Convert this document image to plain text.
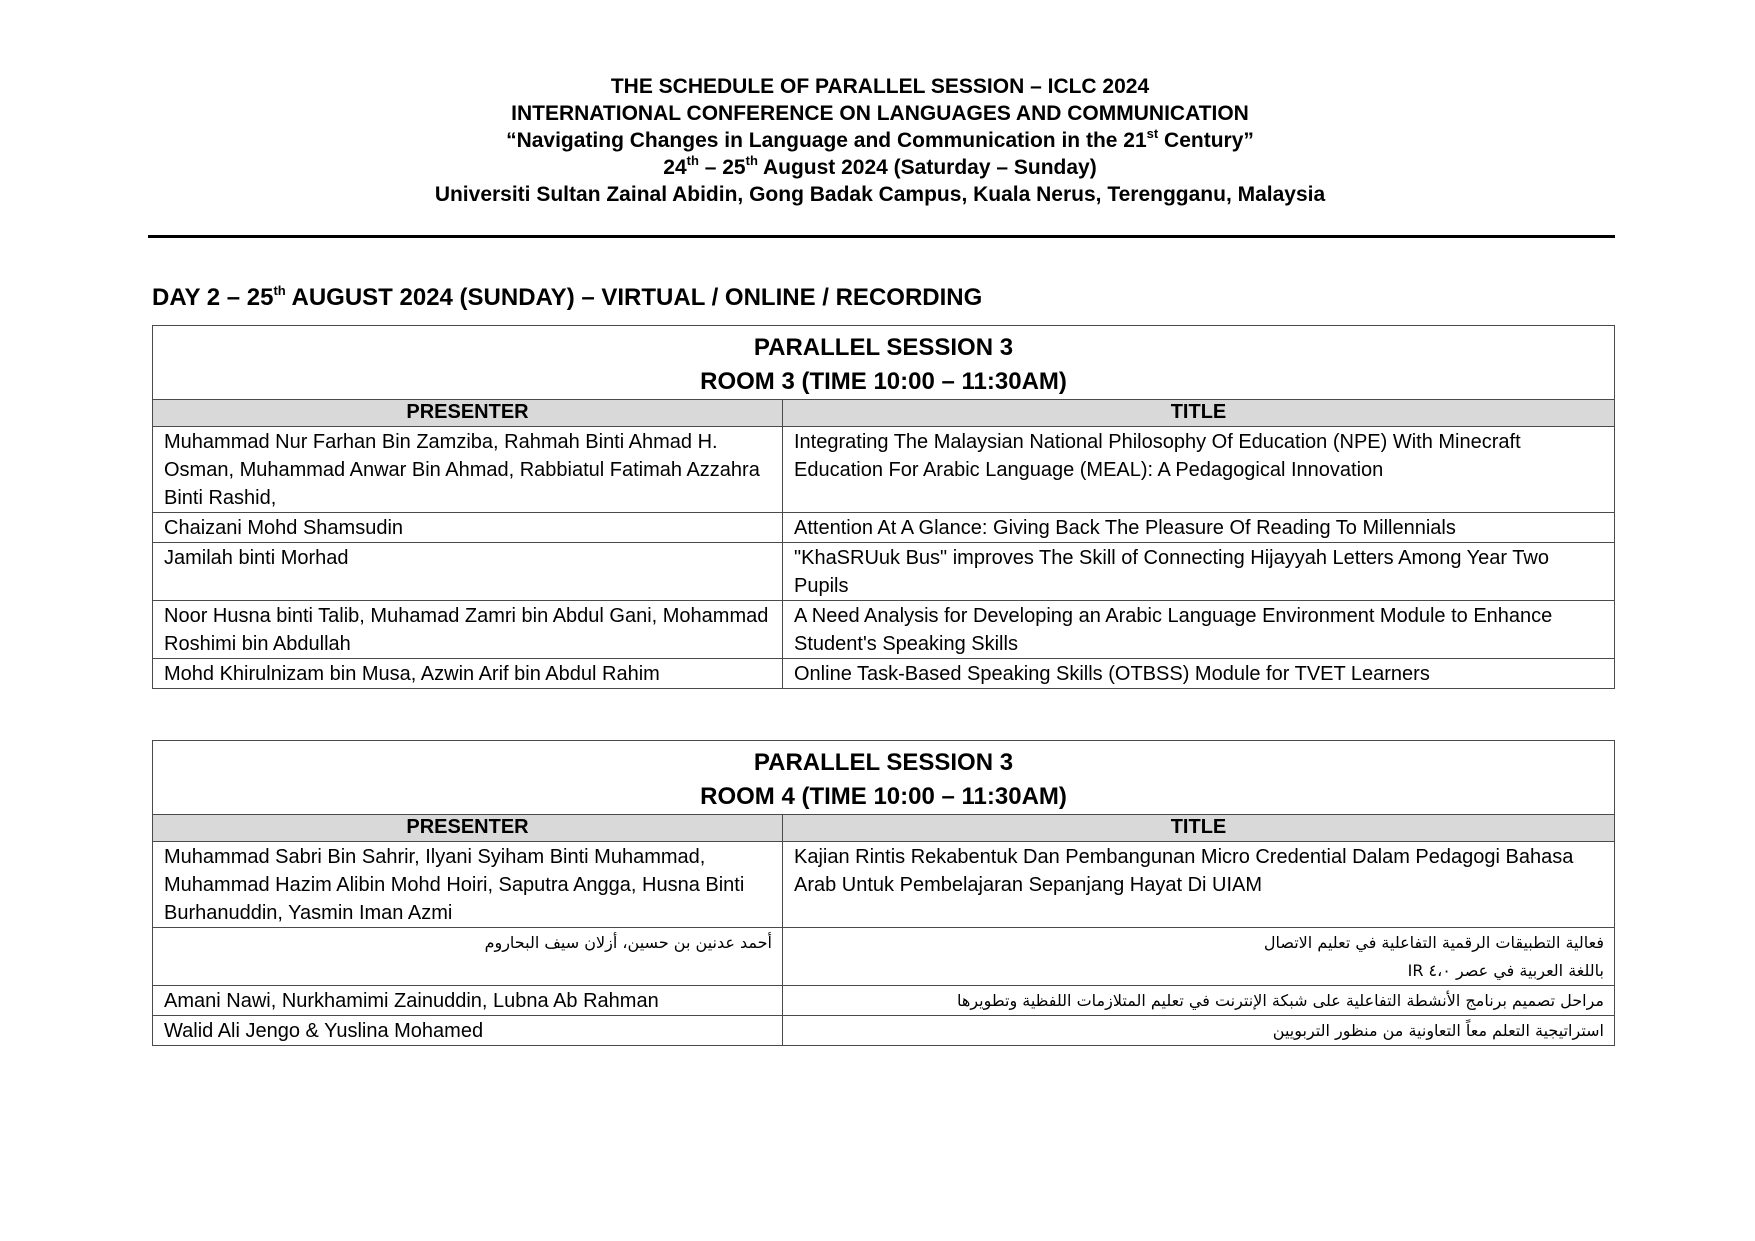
THE SCHEDULE OF PARALLEL SESSION – ICLC 2024
INTERNATIONAL CONFERENCE ON LANGUAGES AND COMMUNICATION
“Navigating Changes in Language and Communication in the 21st Century”
24th – 25th August 2024 (Saturday – Sunday)
Universiti Sultan Zainal Abidin, Gong Badak Campus, Kuala Nerus, Terengganu, Malaysia
DAY 2 – 25th AUGUST 2024 (SUNDAY) – VIRTUAL / ONLINE / RECORDING
PARALLEL SESSION 3
ROOM 3 (TIME 10:00 – 11:30AM)	

PRESENTER	TITLE
Muhammad Nur Farhan Bin Zamziba, Rahmah Binti Ahmad H. Osman, Muhammad Anwar Bin Ahmad, Rabbiatul Fatimah Azzahra Binti Rashid,	Integrating The Malaysian National Philosophy Of Education (NPE) With Minecraft Education For Arabic Language (MEAL): A Pedagogical Innovation
Chaizani Mohd Shamsudin	Attention At A Glance: Giving Back The Pleasure Of Reading To Millennials
Jamilah binti Morhad	"KhaSRUuk Bus" improves The Skill of Connecting Hijayyah Letters Among Year Two Pupils
Noor Husna binti Talib, Muhamad Zamri bin Abdul Gani, Mohammad Roshimi bin Abdullah	A Need Analysis for Developing an Arabic Language Environment Module to Enhance Student's Speaking Skills
Mohd Khirulnizam bin Musa, Azwin Arif bin Abdul Rahim	Online Task-Based Speaking Skills (OTBSS) Module for TVET Learners
PARALLEL SESSION 3
ROOM 4 (TIME 10:00 – 11:30AM)	

PRESENTER	TITLE
Muhammad Sabri Bin Sahrir, Ilyani Syiham Binti Muhammad, Muhammad Hazim Alibin Mohd Hoiri, Saputra Angga, Husna Binti Burhanuddin, Yasmin Iman Azmi	Kajian Rintis Rekabentuk Dan Pembangunan Micro Credential Dalam Pedagogi Bahasa Arab Untuk Pembelajaran Sepanjang Hayat Di UIAM
أحمد عدنين بن حسين، أزلان سيف البحاروم	فعالية التطبيقات الرقمية التفاعلية في تعليم الاتصال
باللغة العربية في عصر ٤،٠ IR

Amani Nawi, Nurkhamimi Zainuddin, Lubna Ab Rahman	مراحل تصميم برنامج الأنشطة التفاعلية على شبكة الإنترنت في تعليم المتلازمات اللفظية وتطويرها
Walid Ali Jengo & Yuslina Mohamed	استراتيجية التعلم معاً التعاونية من منظور التربويين
